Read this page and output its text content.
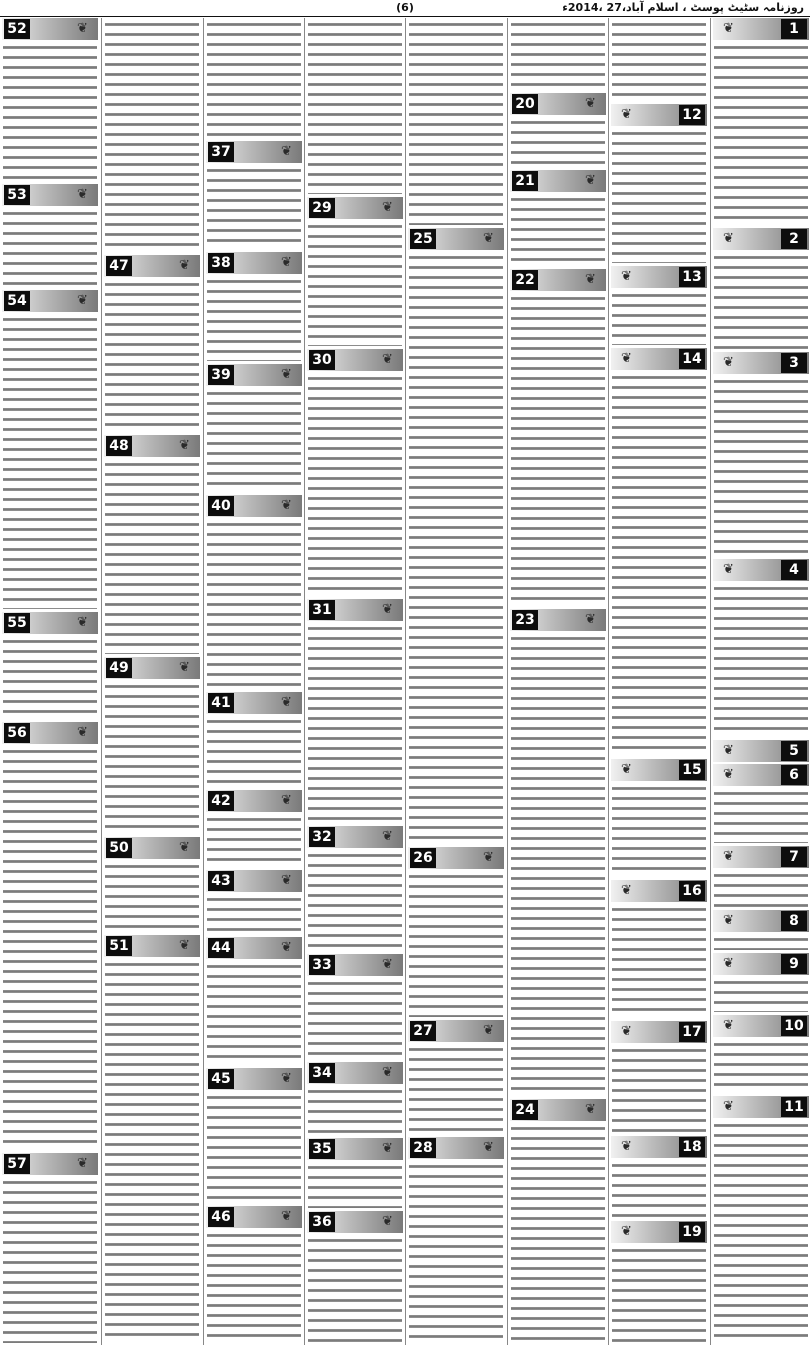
(6)	روزنامہ سٹیٹ پوسٹ ، اسلام آباد،27 ،2014ء
1
❦
2
❦
3
❦
4
❦
5
❦
6
❦
7
❦
8
❦
9
❦
10
❦
11
❦
12
❦
13
❦
14
❦
15
❦
16
❦
17
❦
18
❦
19
❦
20	❦
21	❦
22	❦
23	❦
24	❦
25	❦
26	❦
27	❦
28	❦
29	❦
30	❦
31	❦
32	❦
33	❦
34	❦
35	❦
36	❦
37	❦
38	❦
39	❦
40	❦
41	❦
42	❦
43	❦
44	❦
45	❦
46	❦
47	❦
48	❦
49	❦
50	❦
51	❦
52	❦
53	❦
54	❦
55	❦
56	❦
57	❦
